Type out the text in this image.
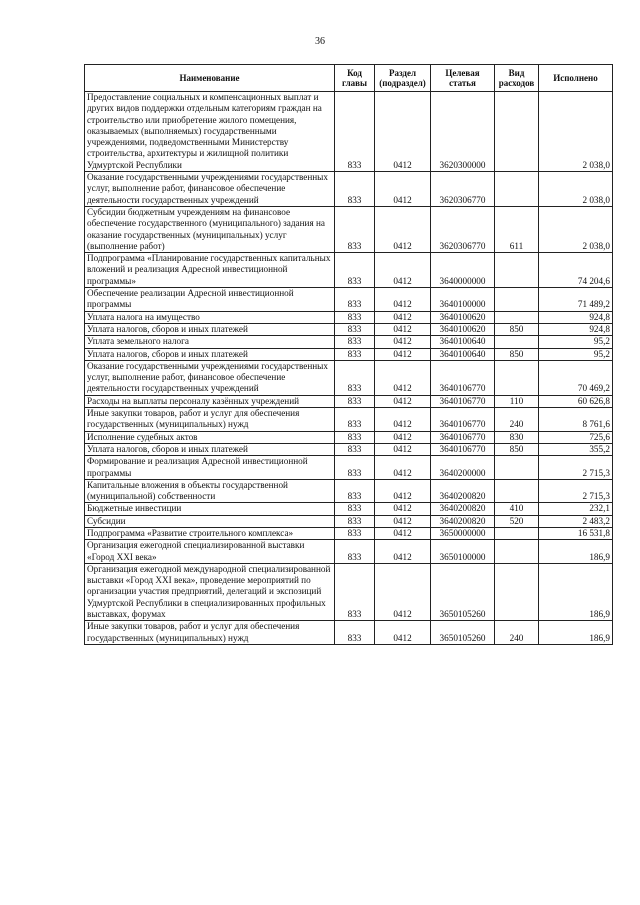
36
Наименование	Код главы	Раздел (подраздел)	Целевая статья	Вид расходов	Исполнено
Предоставление социальных и компенсационных выплат и других видов поддержки отдельным категориям граждан на строительство или приобретение жилого помещения, оказываемых (выполняемых) государственными учреждениями, подведомственными Министерству строительства, архитектуры и жилищной политики Удмуртской Республики	833	0412	3620300000		2 038,0
Оказание государственными учреждениями государственных услуг, выполнение работ, финансовое обеспечение деятельности государственных учреждений	833	0412	3620306770		2 038,0
Субсидии бюджетным учреждениям на финансовое обеспечение государственного (муниципального) задания на оказание государственных (муниципальных) услуг (выполнение работ)	833	0412	3620306770	611	2 038,0
Подпрограмма «Планирование государственных капитальных вложений и реализация Адресной инвестиционной программы»	833	0412	3640000000		74 204,6
Обеспечение реализации Адресной инвестиционной программы	833	0412	3640100000		71 489,2
Уплата налога на имущество	833	0412	3640100620		924,8
Уплата налогов, сборов и иных платежей	833	0412	3640100620	850	924,8
Уплата земельного налога	833	0412	3640100640		95,2
Уплата налогов, сборов и иных платежей	833	0412	3640100640	850	95,2
Оказание государственными учреждениями государственных услуг, выполнение работ, финансовое обеспечение деятельности государственных учреждений	833	0412	3640106770		70 469,2
Расходы на выплаты персоналу казённых учреждений	833	0412	3640106770	110	60 626,8
Иные закупки товаров, работ и услуг для обеспечения государственных (муниципальных) нужд	833	0412	3640106770	240	8 761,6
Исполнение судебных актов	833	0412	3640106770	830	725,6
Уплата налогов, сборов и иных платежей	833	0412	3640106770	850	355,2
Формирование и реализация Адресной инвестиционной программы	833	0412	3640200000		2 715,3
Капитальные вложения в объекты государственной (муниципальной) собственности	833	0412	3640200820		2 715,3
Бюджетные инвестиции	833	0412	3640200820	410	232,1
Субсидии	833	0412	3640200820	520	2 483,2
Подпрограмма «Развитие строительного комплекса»	833	0412	3650000000		16 531,8
Организация ежегодной специализированной выставки «Город XXI века»	833	0412	3650100000		186,9
Организация ежегодной международной специализированной выставки «Город XXI века», проведение мероприятий по организации участия предприятий, делегаций и экспозиций Удмуртской Республики в специализированных профильных выставках, форумах	833	0412	3650105260		186,9
Иные закупки товаров, работ и услуг для обеспечения государственных (муниципальных) нужд	833	0412	3650105260	240	186,9
